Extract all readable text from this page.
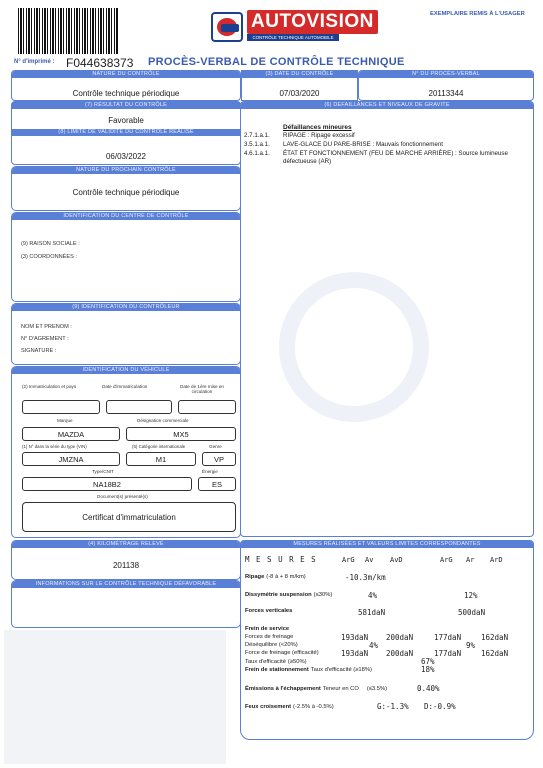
AUTOVISION
CONTRÔLE TECHNIQUE AUTOMOBILE
EXEMPLAIRE REMIS À L'USAGER
N° d'imprimé : F044638373 PROCÈS-VERBAL DE CONTRÔLE TECHNIQUE
NATURE DU CONTRÔLE
Contrôle technique périodique
(3) DATE DU CONTRÔLE
07/03/2020
N° DU PROCÈS-VERBAL
20113344
(7) RÉSULTAT DU CONTRÔLE
Favorable
(8) LIMITE DE VALIDITÉ DU CONTRÔLE RÉALISÉ
06/03/2022
NATURE DU PROCHAIN CONTRÔLE
Contrôle technique périodique
IDENTIFICATION DU CENTRE DE CONTRÔLE
(9) RAISON SOCIALE :
(3) COORDONNÉES :
(9) IDENTIFICATION DU CONTRÔLEUR
NOM ET PRENOM :
N° D'AGREMENT :
SIGNATURE :
IDENTIFICATION DU VÉHICULE
(2) Immatriculation et pays	Date d'immatriculation	Date de 1ère mise en circulation
Marque	Désignation commerciale
MAZDA	MX5
(1) N° dans la série du type (VIN)	(5) Catégorie internationale	Genre
JMZNA	M1	VP
Type/CNIT	Énergie
NA18B2	ES
Document(s) présenté(s)
Certificat d'immatriculation
(4) KILOMÉTRAGE RELEVÉ
201138
INFORMATIONS SUR LE CONTRÔLE TECHNIQUE DÉFAVORABLE
(6) DÉFAILLANCES ET NIVEAUX DE GRAVITÉ
Défaillances mineures
2.7.1.a.1. RIPAGE : Ripage excessif
3.5.1.a.1. LAVE-GLACE DU PARE-BRISE : Mauvais fonctionnement
4.6.1.a.1.	ÉTAT ET FONCTIONNEMENT (FEU DE MARCHE ARRIÈRE) : Source lumineuse défectueuse (AR)
MESURES RÉALISÉES ET VALEURS LIMITES CORRESPONDANTES
M E S U R E S	ArG Av AvD	ArG Ar ArD
Ripage (-8 à + 8 m/km)	-10.3m/km
Dissymétrie suspension (≤30%)	4%	12%
Forces verticales	581daN	500daN
Frein de service
Forces de freinage	193daN 200daN	177daN	162daN
Déséquilibre (<20%)	4%	9%
Force de freinage (efficacité)	193daN 200daN	177daN	162daN
Taux d'efficacité (≥50%)	67%
Frein de stationnement Taux d'efficacité (≥18%)	18%
Émissions à l'échappement Teneur en CO (≤3.5%)	0.40%
Feux croisement (-2.5% à -0.5%)	G:-1.3% D:-0.9%
